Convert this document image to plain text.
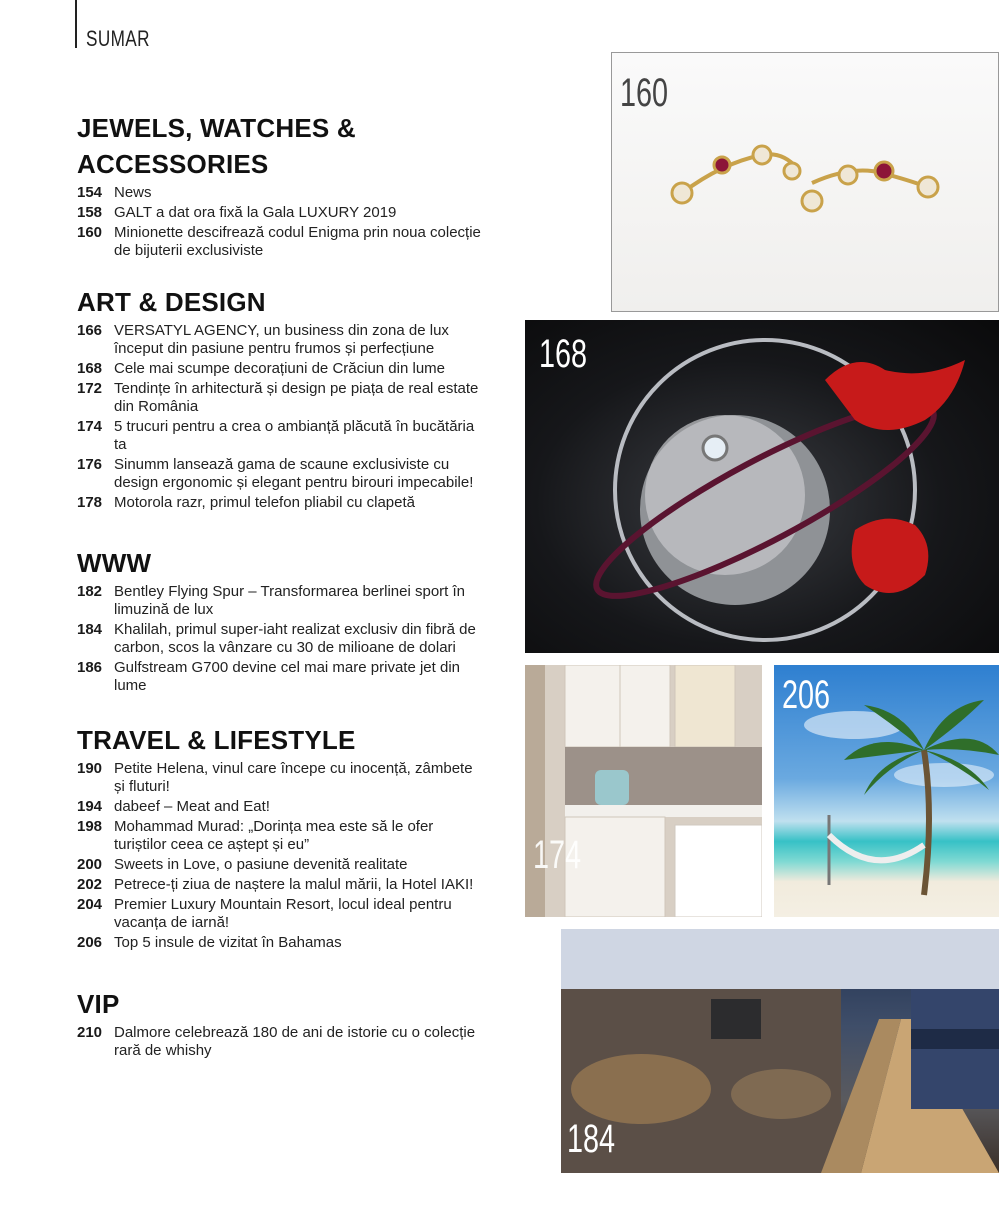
SUMAR
JEWELS, WATCHES &
ACCESSORIES
154 News
158 GALT a dat ora fixă la Gala LUXURY 2019
160 Minionette descifrează codul Enigma prin noua colecție
de bijuterii exclusiviste
ART & DESIGN
166 VERSATYL AGENCY, un business din zona de lux
început din pasiune pentru frumos și perfecțiune
168 Cele mai scumpe decorațiuni de Crăciun din lume
172 Tendințe în arhitectură și design pe piața de real estate
din România
174 5 trucuri pentru a crea o ambianță plăcută în bucătăria
ta
176 Sinumm lansează gama de scaune exclusiviste cu
design ergonomic și elegant pentru birouri impecabile!
178 Motorola razr, primul telefon pliabil cu clapetă
WWW
182 Bentley Flying Spur – Transformarea berlinei sport în
limuzină de lux
184 Khalilah, primul super-iaht realizat exclusiv din fibră de
carbon, scos la vânzare cu 30 de milioane de dolari
186 Gulfstream G700 devine cel mai mare private jet din
lume
TRAVEL & LIFESTYLE
190 Petite Helena, vinul care începe cu inocență, zâmbete
și fluturi!
194 dabeef – Meat and Eat!
198 Mohammad Murad: „Dorința mea este să le ofer
turiștilor ceea ce aștept și eu”
200 Sweets in Love, o pasiune devenită realitate
202 Petrece-ți ziua de naștere la malul mării, la Hotel IAKI!
204 Premier Luxury Mountain Resort, locul ideal pentru
vacanța de iarnă!
206 Top 5 insule de vizitat în Bahamas
VIP
210 Dalmore celebrează 180 de ani de istorie cu o colecție
rară de whishy
160
168
174
206
184
